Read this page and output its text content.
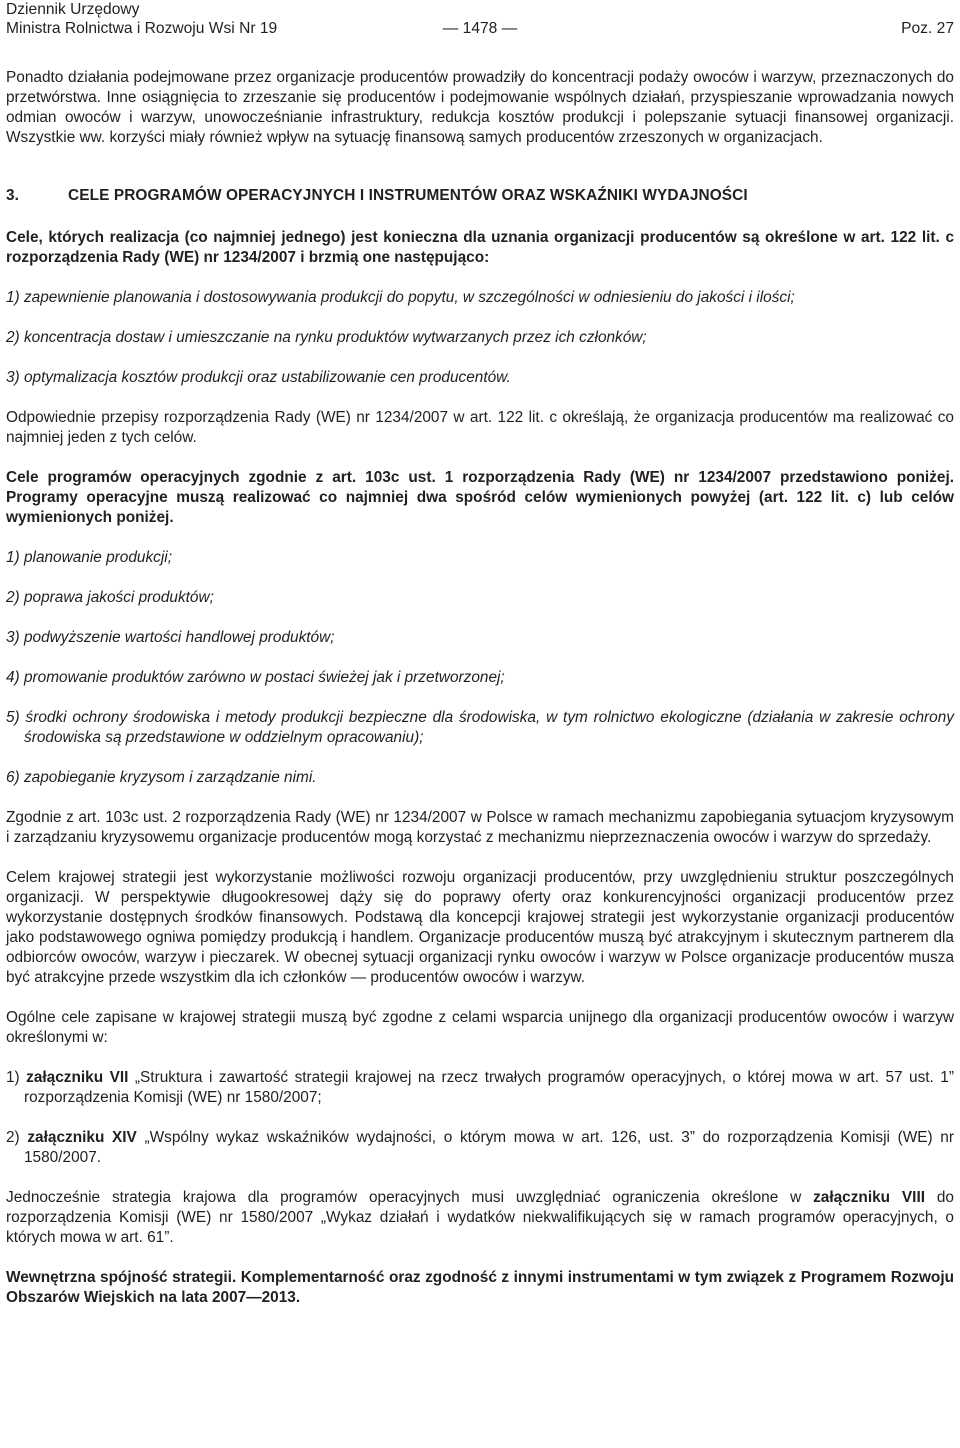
Dziennik Urzędowy
Ministra Rolnictwa i Rozwoju Wsi Nr 19	— 1478 —	Poz. 27

Ponadto działania podejmowane przez organizacje producentów prowadziły do koncentracji podaży owoców i warzyw, przeznaczonych do przetwórstwa. Inne osiągnięcia to zrzeszanie się producentów i podejmowanie wspólnych działań, przyspieszanie wprowadzania nowych odmian owoców i warzyw, unowocześnianie infrastruktury, redukcja kosztów produkcji i polepszanie sytuacji finansowej organizacji. Wszystkie ww. korzyści miały również wpływ na sytuację finansową samych producentów zrzeszonych w organizacjach.

3.	CELE PROGRAMÓW OPERACYJNYCH I INSTRUMENTÓW ORAZ WSKAŹNIKI WYDAJNOŚCI

Cele, których realizacja (co najmniej jednego) jest konieczna dla uznania organizacji producentów są określone w art. 122 lit. c rozporządzenia Rady (WE) nr 1234/2007 i brzmią one następująco:

1) zapewnienie planowania i dostosowywania produkcji do popytu, w szczególności w odniesieniu do jakości i ilości;

2) koncentracja dostaw i umieszczanie na rynku produktów wytwarzanych przez ich członków;

3) optymalizacja kosztów produkcji oraz ustabilizowanie cen producentów.

Odpowiednie przepisy rozporządzenia Rady (WE) nr 1234/2007 w art. 122 lit. c określają, że organizacja producentów ma realizować co najmniej jeden z tych celów.

Cele programów operacyjnych zgodnie z art. 103c ust. 1 rozporządzenia Rady (WE) nr 1234/2007 przedstawiono poniżej. Programy operacyjne muszą realizować co najmniej dwa spośród celów wymienionych powyżej (art. 122 lit. c) lub celów wymienionych poniżej.

1) planowanie produkcji;

2) poprawa jakości produktów;

3) podwyższenie wartości handlowej produktów;

4) promowanie produktów zarówno w postaci świeżej jak i przetworzonej;

5) środki ochrony środowiska i metody produkcji bezpieczne dla środowiska, w tym rolnictwo ekologiczne (działania w zakresie ochrony środowiska są przedstawione w oddzielnym opracowaniu);

6) zapobieganie kryzysom i zarządzanie nimi.

Zgodnie z art. 103c ust. 2 rozporządzenia Rady (WE) nr 1234/2007 w Polsce w ramach mechanizmu zapobiegania sytuacjom kryzysowym i zarządzaniu kryzysowemu organizacje producentów mogą korzystać z mechanizmu nieprzeznaczenia owoców i warzyw do sprzedaży.

Celem krajowej strategii jest wykorzystanie możliwości rozwoju organizacji producentów, przy uwzględnieniu struktur poszczególnych organizacji. W perspektywie długookresowej dąży się do poprawy oferty oraz konkurencyjności organizacji producentów przez wykorzystanie dostępnych środków finansowych. Podstawą dla koncepcji krajowej strategii jest wykorzystanie organizacji producentów jako podstawowego ogniwa pomiędzy produkcją i handlem. Organizacje producentów muszą być atrakcyjnym i skutecznym partnerem dla odbiorców owoców, warzyw i pieczarek. W obecnej sytuacji organizacji rynku owoców i warzyw w Polsce organizacje producentów musza być atrakcyjne przede wszystkim dla ich członków — producentów owoców i warzyw.

Ogólne cele zapisane w krajowej strategii muszą być zgodne z celami wsparcia unijnego dla organizacji producentów owoców i warzyw określonymi w:

1) załączniku VII „Struktura i zawartość strategii krajowej na rzecz trwałych programów operacyjnych, o której mowa w art. 57 ust. 1” rozporządzenia Komisji (WE) nr 1580/2007;

2) załączniku XIV „Wspólny wykaz wskaźników wydajności, o którym mowa w art. 126, ust. 3” do rozporządzenia Komisji (WE) nr 1580/2007.

Jednocześnie strategia krajowa dla programów operacyjnych musi uwzględniać ograniczenia określone w załączniku VIII do rozporządzenia Komisji (WE) nr 1580/2007 „Wykaz działań i wydatków niekwalifikujących się w ramach programów operacyjnych, o których mowa w art. 61”.

Wewnętrzna spójność strategii. Komplementarność oraz zgodność z innymi instrumentami w tym związek z Programem Rozwoju Obszarów Wiejskich na lata 2007—2013.
